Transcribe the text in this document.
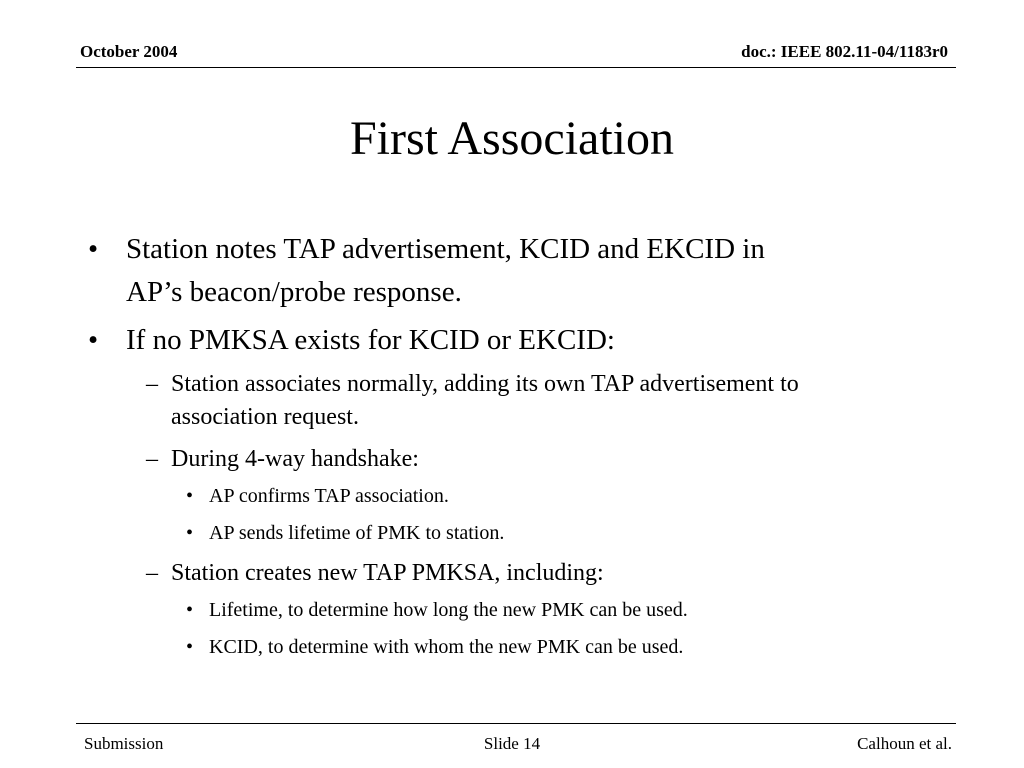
October 2004	doc.: IEEE 802.11-04/1183r0
First Association
• Station notes TAP advertisement, KCID and EKCID in
AP’s beacon/probe response.
• If no PMKSA exists for KCID or EKCID:
– Station associates normally, adding its own TAP advertisement to
association request.
– During 4-way handshake:
• AP confirms TAP association.
• AP sends lifetime of PMK to station.
– Station creates new TAP PMKSA, including:
• Lifetime, to determine how long the new PMK can be used.
• KCID, to determine with whom the new PMK can be used.
Submission	Slide 14	Calhoun et al.
